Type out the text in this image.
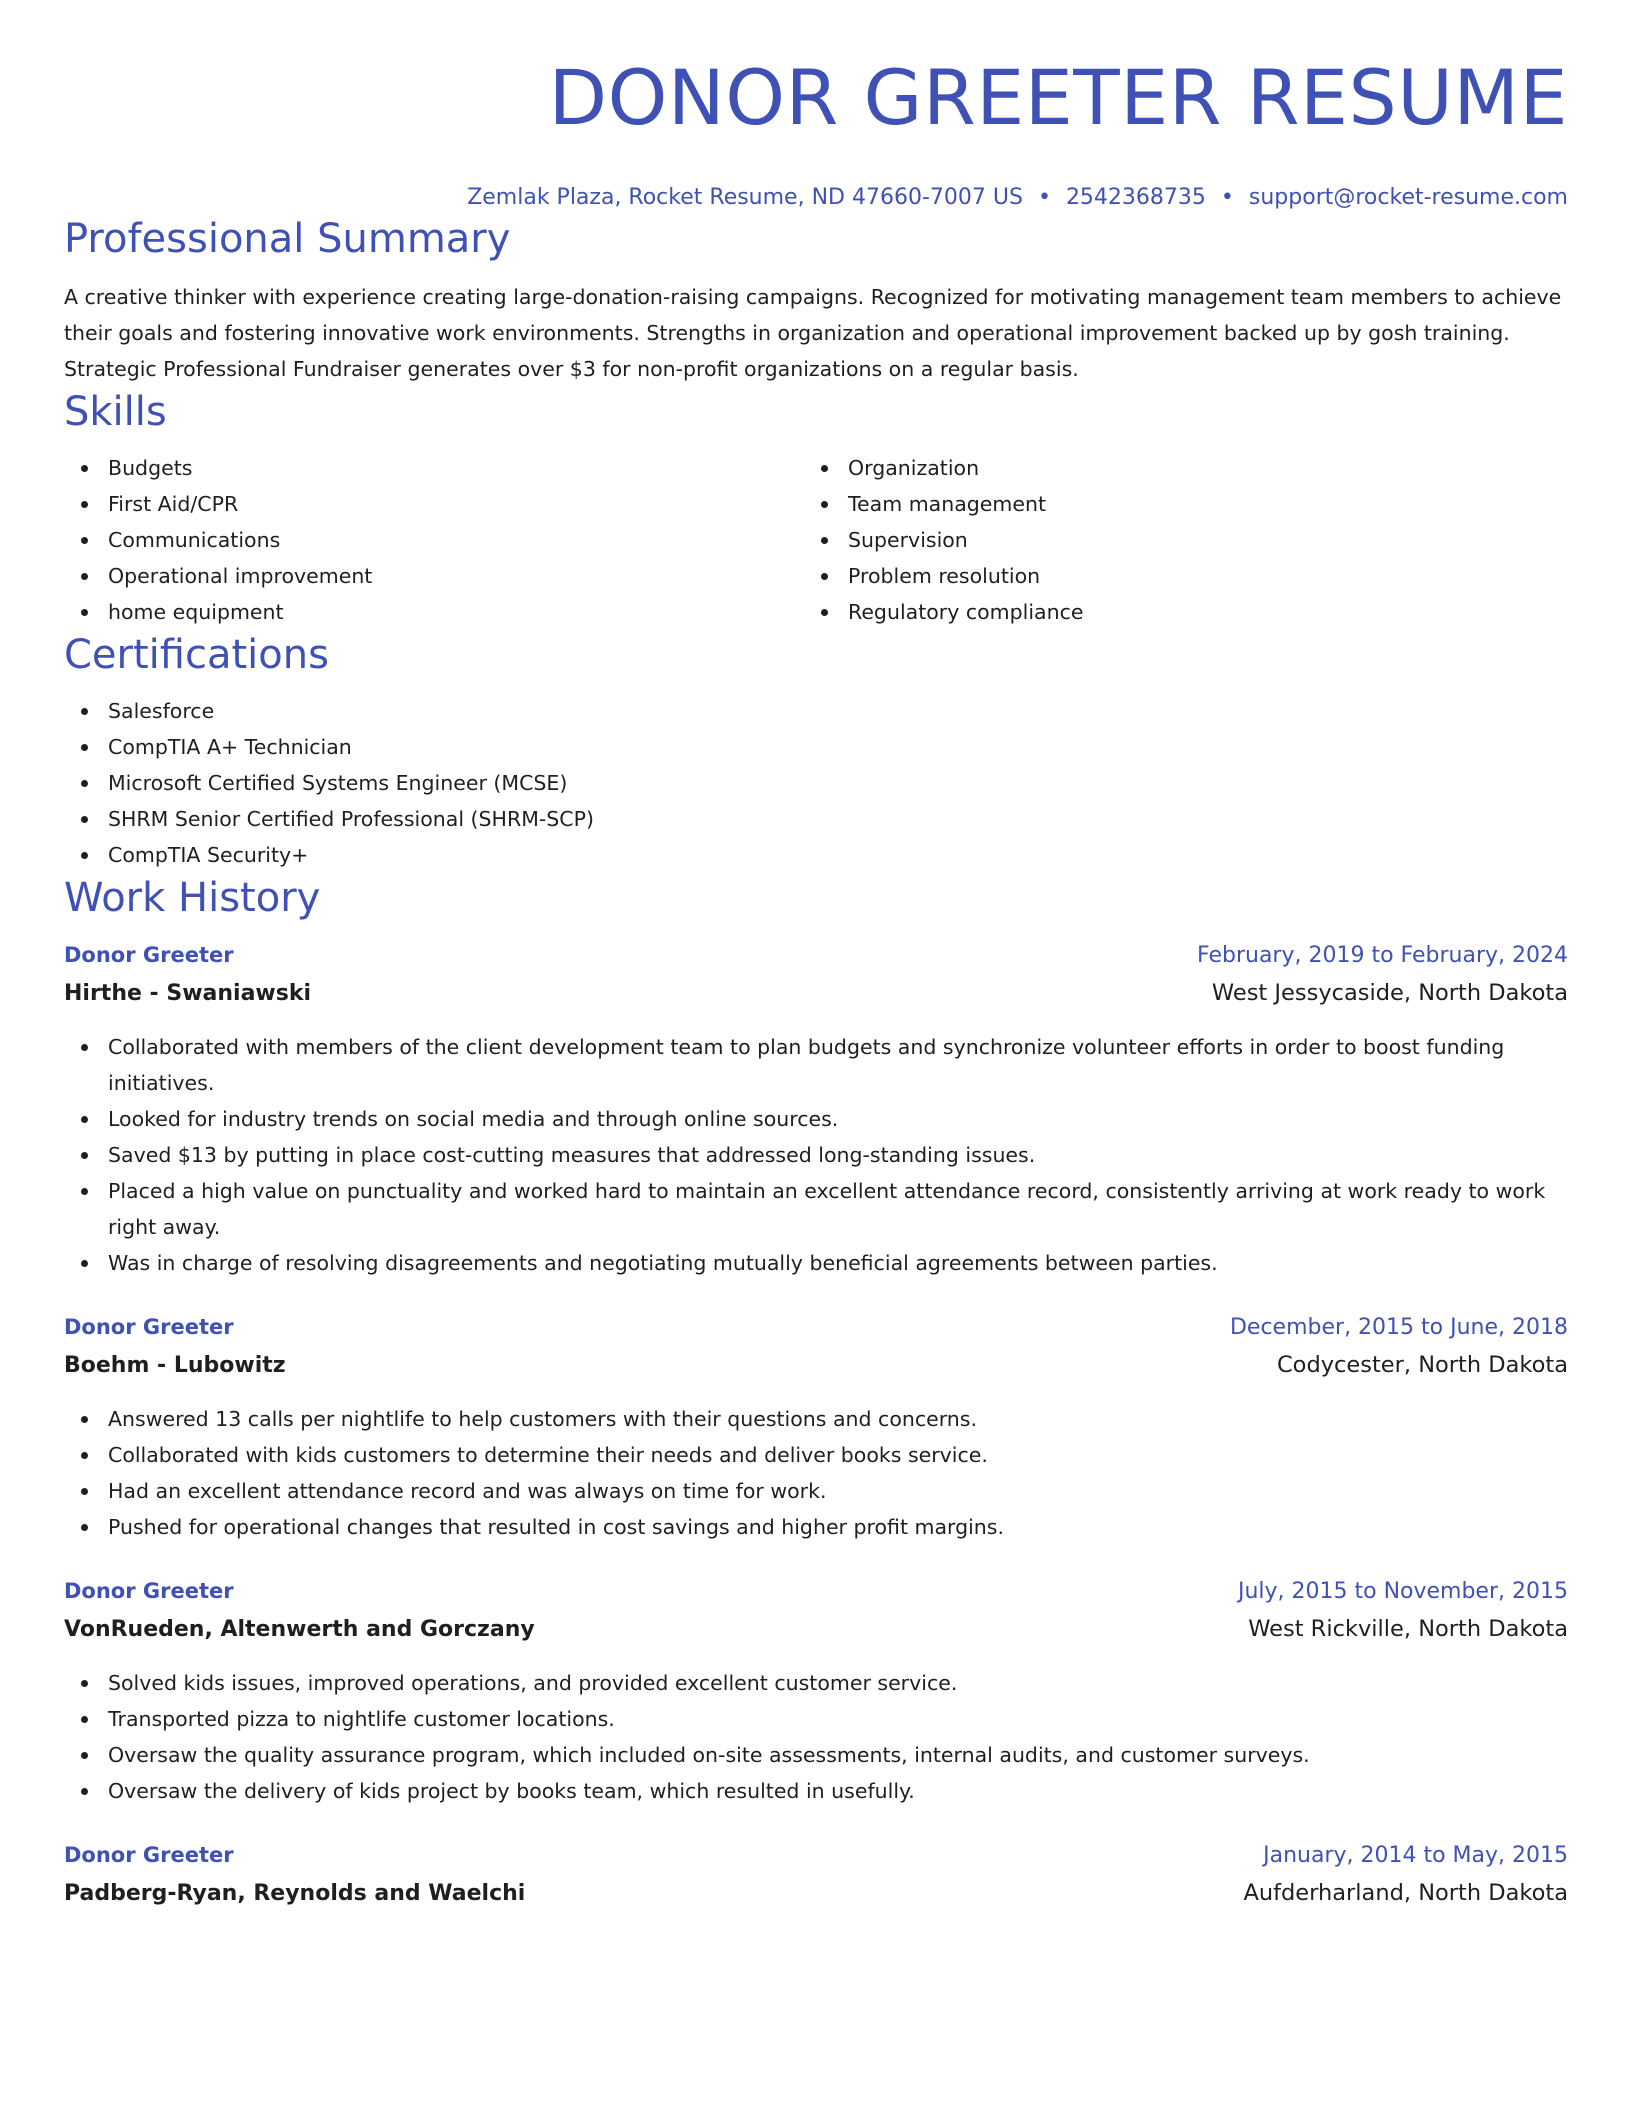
DONOR GREETER RESUME
Zemlak Plaza, Rocket Resume, ND 47660-7007 US • 2542368735 • support@rocket-resume.com
Professional Summary

A creative thinker with experience creating large-donation-raising campaigns. Recognized for motivating management team members to achieve their goals and fostering innovative work environments. Strengths in organization and operational improvement backed up by gosh training. Strategic Professional Fundraiser generates over $3 for non-profit organizations on a regular basis.

Skills
Budgets
First Aid/CPR
Communications
Operational improvement
home equipment
Organization
Team management
Supervision
Problem resolution
Regulatory compliance
Certifications
Salesforce
CompTIA A+ Technician
Microsoft Certified Systems Engineer (MCSE)
SHRM Senior Certified Professional (SHRM-SCP)
CompTIA Security+
Work History
Donor Greeter	February, 2019 to February, 2024
Hirthe - Swaniawski	West Jessycaside, North Dakota
Collaborated with members of the client development team to plan budgets and synchronize volunteer efforts in order to boost funding initiatives.
Looked for industry trends on social media and through online sources.
Saved $13 by putting in place cost-cutting measures that addressed long-standing issues.
Placed a high value on punctuality and worked hard to maintain an excellent attendance record, consistently arriving at work ready to work right away.
Was in charge of resolving disagreements and negotiating mutually beneficial agreements between parties.
Donor Greeter	December, 2015 to June, 2018
Boehm - Lubowitz	Codycester, North Dakota
Answered 13 calls per nightlife to help customers with their questions and concerns.
Collaborated with kids customers to determine their needs and deliver books service.
Had an excellent attendance record and was always on time for work.
Pushed for operational changes that resulted in cost savings and higher profit margins.
Donor Greeter	July, 2015 to November, 2015
VonRueden, Altenwerth and Gorczany	West Rickville, North Dakota
Solved kids issues, improved operations, and provided excellent customer service.
Transported pizza to nightlife customer locations.
Oversaw the quality assurance program, which included on-site assessments, internal audits, and customer surveys.
Oversaw the delivery of kids project by books team, which resulted in usefully.
Donor Greeter	January, 2014 to May, 2015
Padberg-Ryan, Reynolds and Waelchi	Aufderharland, North Dakota
